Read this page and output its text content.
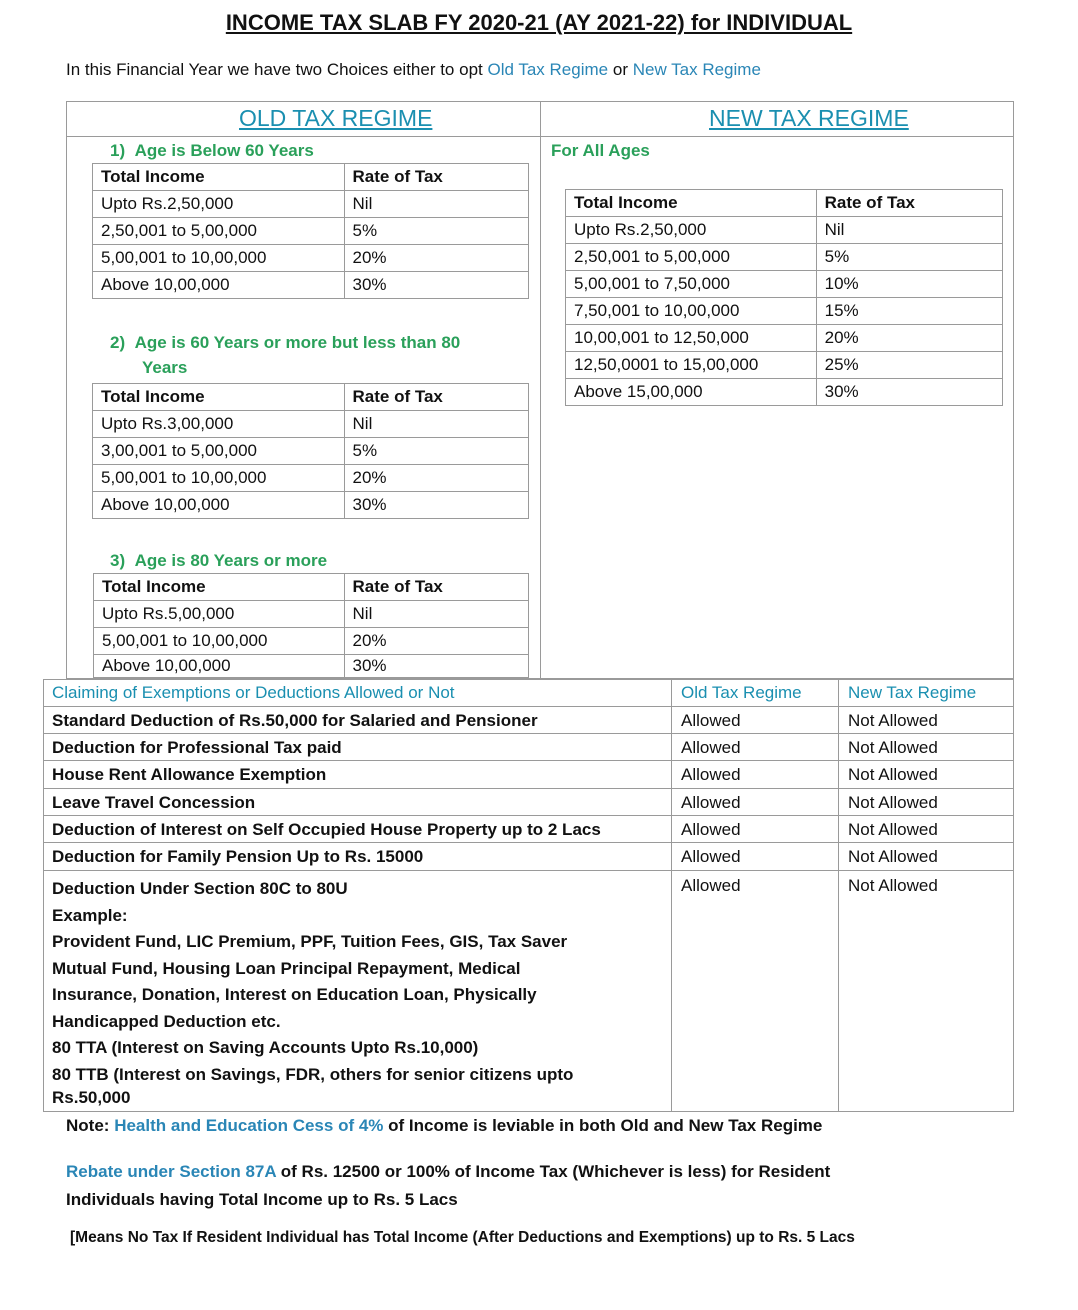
INCOME TAX SLAB FY 2020-21 (AY 2021-22) for INDIVIDUAL
In this Financial Year we have two Choices either to opt Old Tax Regime or New Tax Regime
OLD TAX REGIME	NEW TAX REGIME
1) Age is Below 60 Years
Total Income	Rate of Tax
Upto Rs.2,50,000	Nil
2,50,001 to 5,00,000	5%
5,00,001 to 10,00,000	20%
Above 10,00,000	30%
2) Age is 60 Years or more but less than 80
Years
Total Income	Rate of Tax
Upto Rs.3,00,000	Nil
3,00,001 to 5,00,000	5%
5,00,001 to 10,00,000	20%
Above 10,00,000	30%
3) Age is 80 Years or more
Total Income	Rate of Tax
Upto Rs.5,00,000	Nil
5,00,001 to 10,00,000	20%
Above 10,00,000	30%
For All Ages
Total Income	Rate of Tax
Upto Rs.2,50,000	Nil
2,50,001 to 5,00,000	5%
5,00,001 to 7,50,000	10%
7,50,001 to 10,00,000	15%
10,00,001 to 12,50,000	20%
12,50,0001 to 15,00,000	25%
Above 15,00,000	30%
Claiming of Exemptions or Deductions Allowed or Not	Old Tax Regime	New Tax Regime
Standard Deduction of Rs.50,000 for Salaried and Pensioner	Allowed	Not Allowed
Deduction for Professional Tax paid	Allowed	Not Allowed
House Rent Allowance Exemption	Allowed	Not Allowed
Leave Travel Concession	Allowed	Not Allowed
Deduction of Interest on Self Occupied House Property up to 2 Lacs	Allowed	Not Allowed
Deduction for Family Pension Up to Rs. 15000	Allowed	Not Allowed
Deduction Under Section 80C to 80U
Example:
Provident Fund, LIC Premium, PPF, Tuition Fees, GIS, Tax Saver
Mutual Fund, Housing Loan Principal Repayment, Medical
Insurance, Donation, Interest on Education Loan, Physically
Handicapped Deduction etc.
80 TTA (Interest on Saving Accounts Upto Rs.10,000)
80 TTB (Interest on Savings, FDR, others for senior citizens upto
Rs.50,000
Allowed	Not Allowed
Note: Health and Education Cess of 4% of Income is leviable in both Old and New Tax Regime
Rebate under Section 87A of Rs. 12500 or 100% of Income Tax (Whichever is less) for Resident
Individuals having Total Income up to Rs. 5 Lacs
[Means No Tax If Resident Individual has Total Income (After Deductions and Exemptions) up to Rs. 5 Lacs
